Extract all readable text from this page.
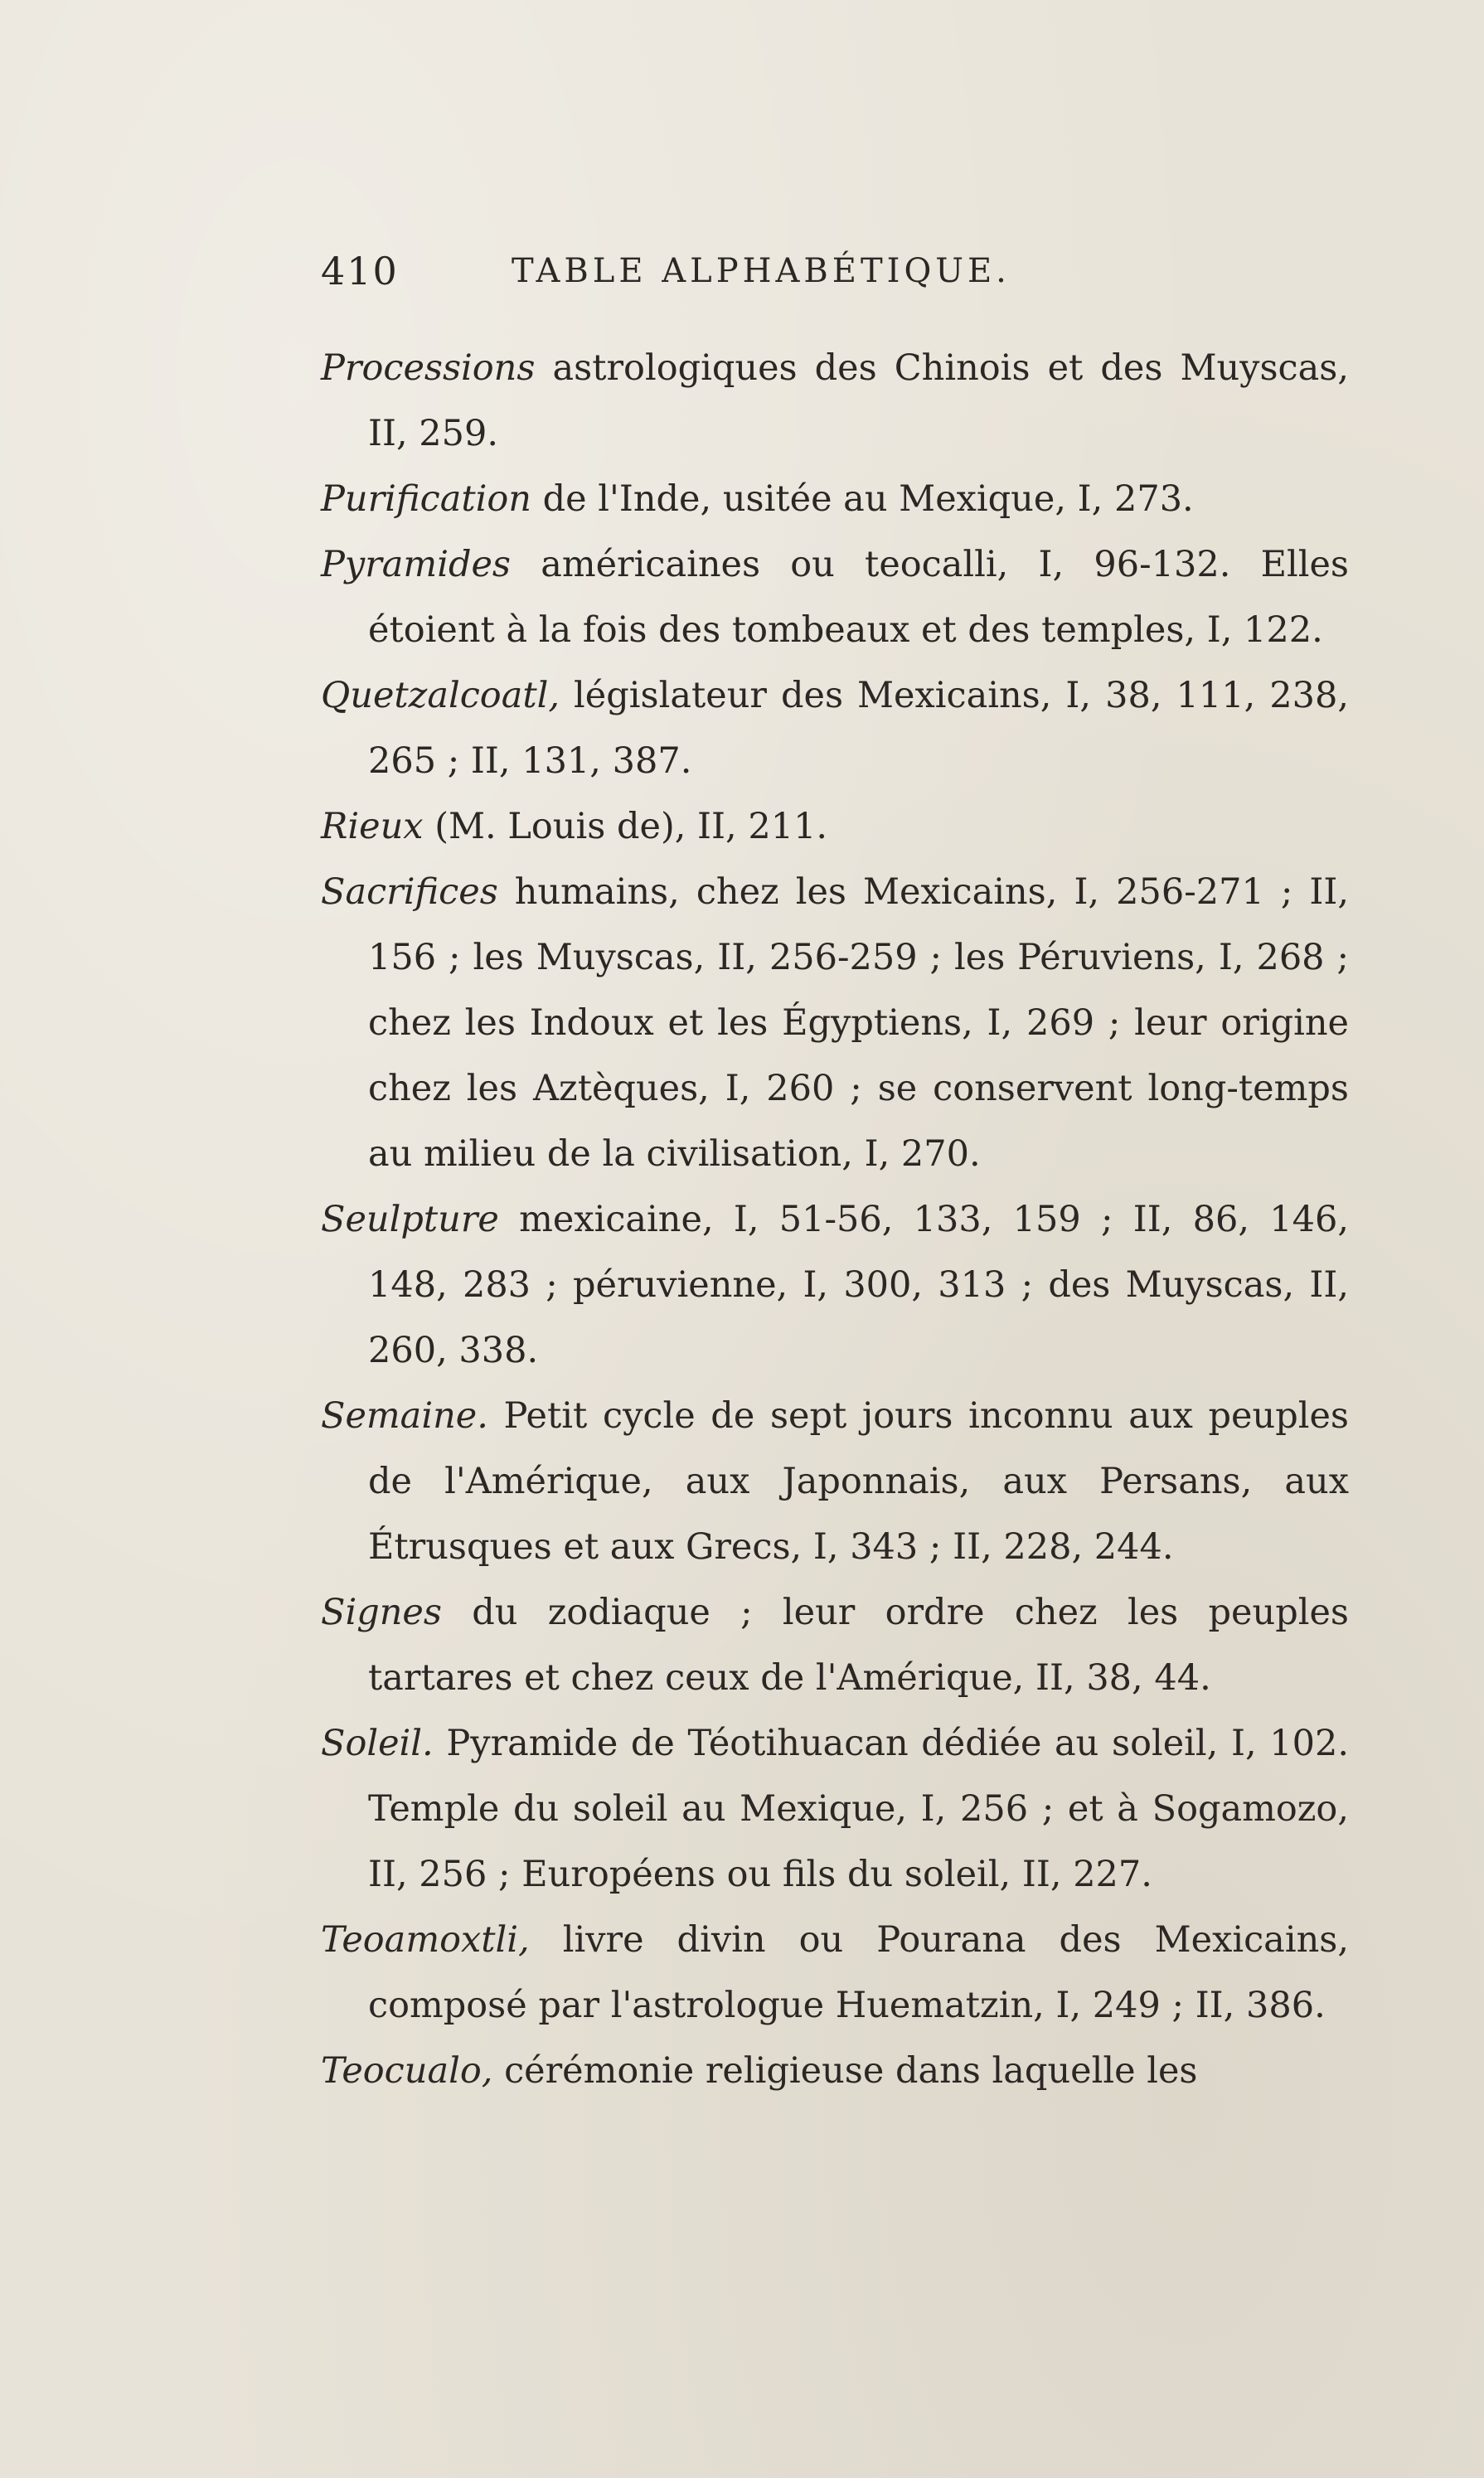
410	TABLE ALPHABÉTIQUE.

Processions astrologiques des Chinois et des Muyscas, II, 259.

Purification de l'Inde, usitée au Mexique, I, 273.

Pyramides américaines ou teocalli, I, 96-132. Elles étoient à la fois des tombeaux et des temples, I, 122.

Quetzalcoatl, législateur des Mexicains, I, 38, 111, 238, 265 ; II, 131, 387.

Rieux (M. Louis de), II, 211.

Sacrifices humains, chez les Mexicains, I, 256-271 ; II, 156 ; les Muyscas, II, 256-259 ; les Péruviens, I, 268 ; chez les Indoux et les Égyptiens, I, 269 ; leur origine chez les Aztèques, I, 260 ; se conservent long-temps au milieu de la civilisation, I, 270.

Seulpture mexicaine, I, 51-56, 133, 159 ; II, 86, 146, 148, 283 ; péruvienne, I, 300, 313 ; des Muyscas, II, 260, 338.

Semaine. Petit cycle de sept jours inconnu aux peuples de l'Amérique, aux Japonnais, aux Persans, aux Étrusques et aux Grecs, I, 343 ; II, 228, 244.

Signes du zodiaque ; leur ordre chez les peuples tartares et chez ceux de l'Amérique, II, 38, 44.

Soleil. Pyramide de Téotihuacan dédiée au soleil, I, 102. Temple du soleil au Mexique, I, 256 ; et à Sogamozo, II, 256 ; Européens ou fils du soleil, II, 227.

Teoamoxtli, livre divin ou Pourana des Mexicains, composé par l'astrologue Huematzin, I, 249 ; II, 386.

Teocualo, cérémonie religieuse dans laquelle les
